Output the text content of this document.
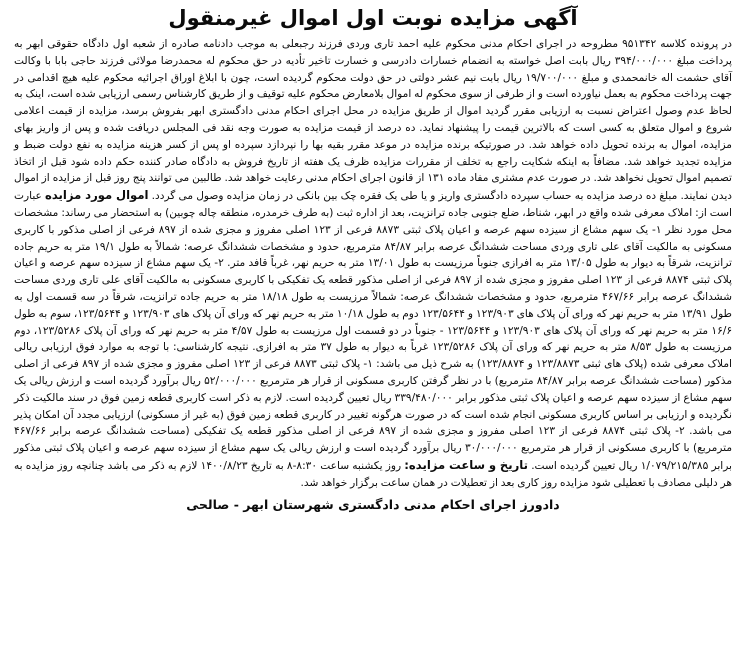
آگهی مزایده نوبت اول اموال غیرمنقول

در پرونده کلاسه ۹۵۱۳۴۲ مطروحه در اجرای احکام مدنی محکوم علیه احمد تاری وردی فرزند رجبعلی به موجب دادنامه صادره از شعبه اول دادگاه حقوقی ابهر به پرداخت مبلغ ۳۹۴/۰۰۰/۰۰۰ ریال بابت اصل خواسته به انضمام خسارات دادرسی و خسارت تاخیر تأدیه در حق محکوم له محمدرضا مولائی فرزند حاجی بابا با وکالت آقای حشمت اله خانمحمدی و مبلغ ۱۹/۷۰۰/۰۰۰ ریال بابت نیم عشر دولتی در حق دولت محکوم گردیده است، چون با ابلاغ اوراق اجرائیه محکوم علیه هیچ اقدامی در جهت پرداخت محکوم به بعمل نیاورده است و از طرفی از سوی محکوم له اموال بلامعارض محکوم علیه توقیف و از طریق کارشناس رسمی ارزیابی شده است، اینک به لحاظ عدم وصول اعتراض نسبت به ارزیابی مقرر گردید اموال از طریق مزایده در محل اجرای احکام مدنی دادگستری ابهر بفروش برسد، مزایده از قیمت اعلامی شروع و اموال متعلق به کسی است که بالاترین قیمت را پیشنهاد نماید. ده درصد از قیمت مزایده به صورت وجه نقد فی المجلس دریافت شده و پس از واریز بهای مزایده، اموال به برنده تحویل داده خواهد شد. در صورتیکه برنده مزایده در موعد مقرر بقیه بها را نپردازد سپرده او پس از کسر هزینه مزایده به نفع دولت ضبط و مزایده تجدید خواهد شد. مضافاً به اینکه شکایت راجع به تخلف از مقررات مزایده ظرف یک هفته از تاریخ فروش به دادگاه صادر کننده حکم داده شود قبل از اتخاذ تصمیم اموال تحویل نخواهد شد. در صورت عدم مشتری مفاد ماده ۱۳۱ از قانون اجرای احکام مدنی رعایت خواهد شد. طالبین می توانند پنج روز قبل از مزایده از اموال دیدن نمایند. مبلغ ده درصد مزایده به حساب سپرده دادگستری واریز و یا طی یک فقره چک بین بانکی در زمان مزایده وصول می گردد. اموال مورد مزایده عبارت است از: املاک معرفی شده واقع در ابهر، شناط، ضلع جنوبی جاده ترانزیت، بعد از اداره ثبت (به طرف خرمدره، منطقه چاله چوبین) به استحضار می رساند: مشخصات محل مورد نظر ۱- یک سهم مشاع از سیزده سهم عرصه و اعیان پلاک ثبتی ۸۸۷۳ فرعی از ۱۲۳ اصلی مفروز و مجزی شده از ۸۹۷ فرعی از اصلی مذکور با کاربری مسکونی به مالکیت آقای علی تاری وردی مساحت ششدانگ عرصه برابر ۸۴/۸۷ مترمربع، حدود و مشخصات ششدانگ عرصه: شمالاً به طول ۱۹/۱ متر به حریم جاده ترانزیت، شرقاً به دیوار به طول ۱۳/۰۵ متر به افرازی جنوباً مرزیست به طول ۱۳/۰۱ متر به حریم نهر، غرباً قافد متر. ۲- یک سهم مشاع از سیزده سهم عرصه و اعیان پلاک ثبتی ۸۸۷۴ فرعی از ۱۲۳ اصلی مفروز و مجزی شده از ۸۹۷ فرعی از اصلی مذکور قطعه یک تفکیکی با کاربری مسکونی به مالکیت آقای علی تاری وردی مساحت ششدانگ عرصه برابر ۴۶۷/۶۶ مترمربع، حدود و مشخصات ششدانگ عرصه: شمالاً مرزیست به طول ۱۸/۱۸ متر به حریم جاده ترانزیت، شرقاً در سه قسمت اول به طول ۱۳/۹۱ متر به حریم نهر که ورای آن پلاک های ۱۲۳/۹۰۳ و ۱۲۳/۵۶۴۴ دوم به طول ۱۰/۱۸ متر به حریم نهر که ورای آن پلاک های ۱۲۳/۹۰۳ و ۱۲۳/۵۶۴۴، سوم به طول ۱۶/۶ متر به حریم نهر که ورای آن پلاک های ۱۲۳/۹۰۳ و ۱۲۳/۵۶۴۴ - جنوباً در دو قسمت اول مرزیست به طول ۴/۵۷ متر به حریم نهر که ورای آن پلاک ۱۲۳/۵۲۸۶، دوم مرزیست به طول ۸/۵۳ متر به حریم نهر که ورای آن پلاک ۱۲۳/۵۲۸۶ غرباً به دیوار به طول ۳۷ متر به افرازی. نتیجه کارشناسی: با توجه به موارد فوق ارزیابی ریالی املاک معرفی شده (پلاک های ثبتی ۱۲۳/۸۸۷۳ و ۱۲۳/۸۸۷۴) به شرح ذیل می باشد: ۱- پلاک ثبتی ۸۸۷۳ فرعی از ۱۲۳ اصلی مفروز و مجزی شده از ۸۹۷ فرعی از اصلی مذکور (مساحت ششدانگ عرصه برابر ۸۴/۸۷ مترمربع) با در نظر گرفتن کاربری مسکونی از قرار هر مترمربع ۵۲/۰۰۰/۰۰۰ ریال برآورد گردیده است و ارزش ریالی یک سهم مشاع از سیزده سهم عرصه و اعیان پلاک ثبتی مذکور برابر ۳۳۹/۴۸۰/۰۰۰ ریال تعیین گردیده است. لازم به ذکر است کاربری قطعه زمین فوق در سند مالکیت ذکر نگردیده و ارزیابی بر اساس کاربری مسکونی انجام شده است که در صورت هرگونه تغییر در کاربری قطعه زمین فوق (به غیر از مسکونی) ارزیابی مجدد آن امکان پذیر می باشد. ۲- پلاک ثبتی ۸۸۷۴ فرعی از ۱۲۳ اصلی مفروز و مجزی شده از ۸۹۷ فرعی از اصلی مذکور قطعه یک تفکیکی (مساحت ششدانگ عرصه برابر ۴۶۷/۶۶ مترمربع) با کاربری مسکونی از قرار هر مترمربع ۳۰/۰۰۰/۰۰۰ ریال برآورد گردیده است و ارزش ریالی یک سهم مشاع از سیزده سهم عرصه و اعیان پلاک ثبتی مذکور برابر ۱/۰۷۹/۲۱۵/۳۸۵ ریال تعیین گردیده است. تاریخ و ساعت مزایده: روز یکشنبه ساعت ۸:۳۰-۸ به تاریخ ۱۴۰۰/۸/۲۳ لازم به ذکر می باشد چنانچه روز مزایده به هر دلیلی مصادف با تعطیلی شود مزایده روز کاری بعد از تعطیلات در همان ساعت برگزار خواهد شد.

دادورز اجرای احکام مدنی دادگستری شهرستان ابهر - صالحی
